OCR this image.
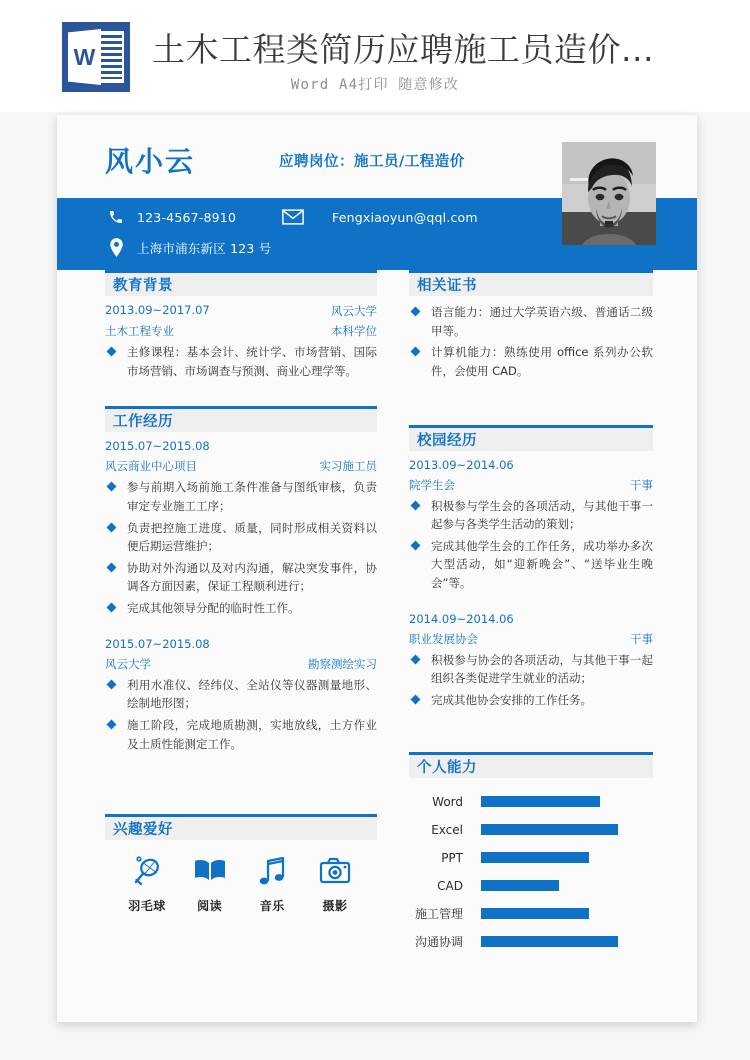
W 土木工程类简历应聘施工员造价...
Word A4打印 随意修改
风小云	应聘岗位：施工员/工程造价
123-4567-8910	Fengxiaoyun@qql.com
上海市浦东新区 123 号
教育背景
2013.09~2017.07	风云大学
土木工程专业	本科学位
主修课程：基本会计、统计学、市场营销、国际市场营销、市场调查与预测、商业心理学等。
工作经历
2015.07~2015.08
风云商业中心项目	实习施工员
参与前期入场前施工条件准备与图纸审核，负责审定专业施工工序；
负责把控施工进度、质量，同时形成相关资料以便后期运营维护；
协助对外沟通以及对内沟通，解决突发事件，协调各方面因素，保证工程顺利进行；
完成其他领导分配的临时性工作。
2015.07~2015.08
风云大学	勘察测绘实习
利用水准仪、经纬仪、全站仪等仪器测量地形、绘制地形图；
施工阶段，完成地质勘测，实地放线，土方作业及土质性能测定工作。
兴趣爱好
羽毛球	阅读	音乐	摄影
相关证书
语言能力：通过大学英语六级、普通话二级甲等。
计算机能力：熟练使用 office 系列办公软件，会使用 CAD。
校园经历
2013.09~2014.06
院学生会	干事
积极参与学生会的各项活动，与其他干事一起参与各类学生活动的策划；
完成其他学生会的工作任务，成功举办多次大型活动，如“迎新晚会”、“送毕业生晚会”等。
2014.09~2014.06
职业发展协会	干事
积极参与协会的各项活动，与其他干事一起组织各类促进学生就业的活动；
完成其他协会安排的工作任务。
个人能力
Word
Excel
PPT
CAD
施工管理
沟通协调
